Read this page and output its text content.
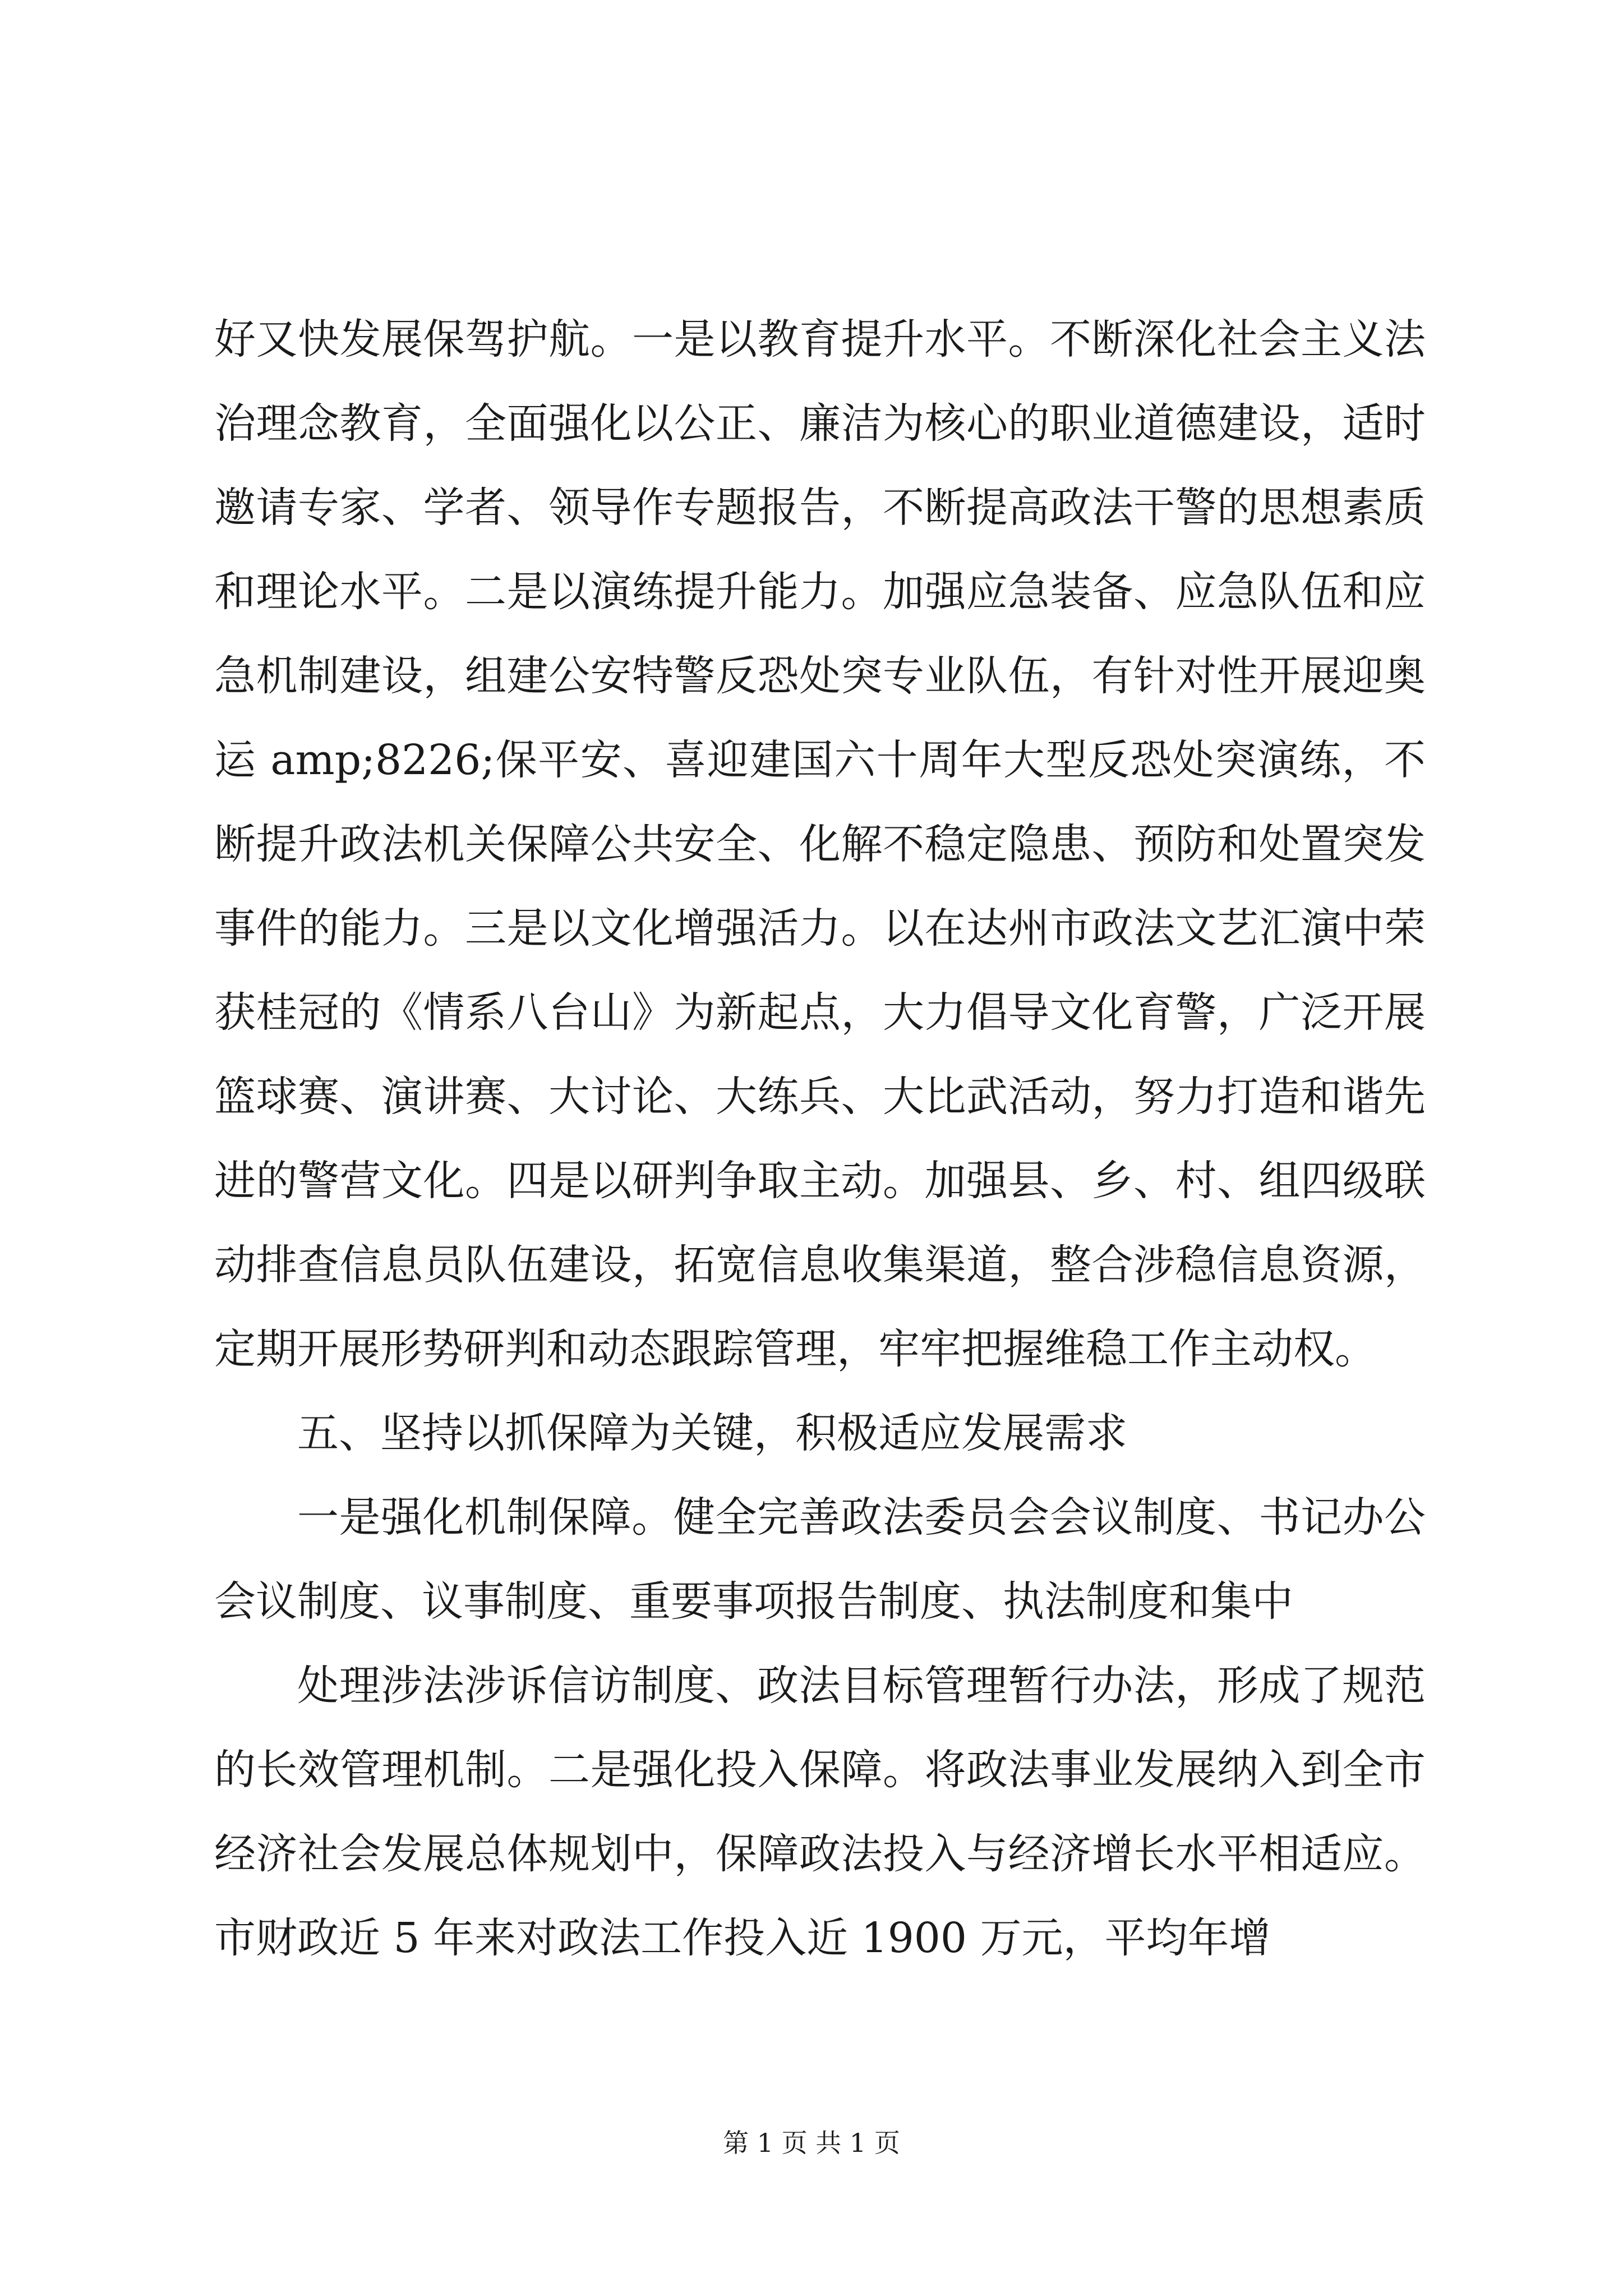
好又快发展保驾护航。一是以教育提升水平。不断深化社会主义法治理念教育，全面强化以公正、廉洁为核心的职业道德建设，适时邀请专家、学者、领导作专题报告，不断提高政法干警的思想素质和理论水平。二是以演练提升能力。加强应急装备、应急队伍和应急机制建设，组建公安特警反恐处突专业队伍，有针对性开展迎奥运 amp;8226;保平安、喜迎建国六十周年大型反恐处突演练，不断提升政法机关保障公共安全、化解不稳定隐患、预防和处置突发事件的能力。三是以文化增强活力。以在达州市政法文艺汇演中荣获桂冠的《情系八台山》为新起点，大力倡导文化育警，广泛开展篮球赛、演讲赛、大讨论、大练兵、大比武活动，努力打造和谐先进的警营文化。四是以研判争取主动。加强县、乡、村、组四级联动排查信息员队伍建设，拓宽信息收集渠道，整合涉稳信息资源，定期开展形势研判和动态跟踪管理，牢牢把握维稳工作主动权。

五、坚持以抓保障为关键，积极适应发展需求

一是强化机制保障。健全完善政法委员会会议制度、书记办公会议制度、议事制度、重要事项报告制度、执法制度和集中

处理涉法涉诉信访制度、政法目标管理暂行办法，形成了规范的长效管理机制。二是强化投入保障。将政法事业发展纳入到全市经济社会发展总体规划中，保障政法投入与经济增长水平相适应。市财政近 5 年来对政法工作投入近 1900 万元，平均年增

第 1 页 共 1 页
